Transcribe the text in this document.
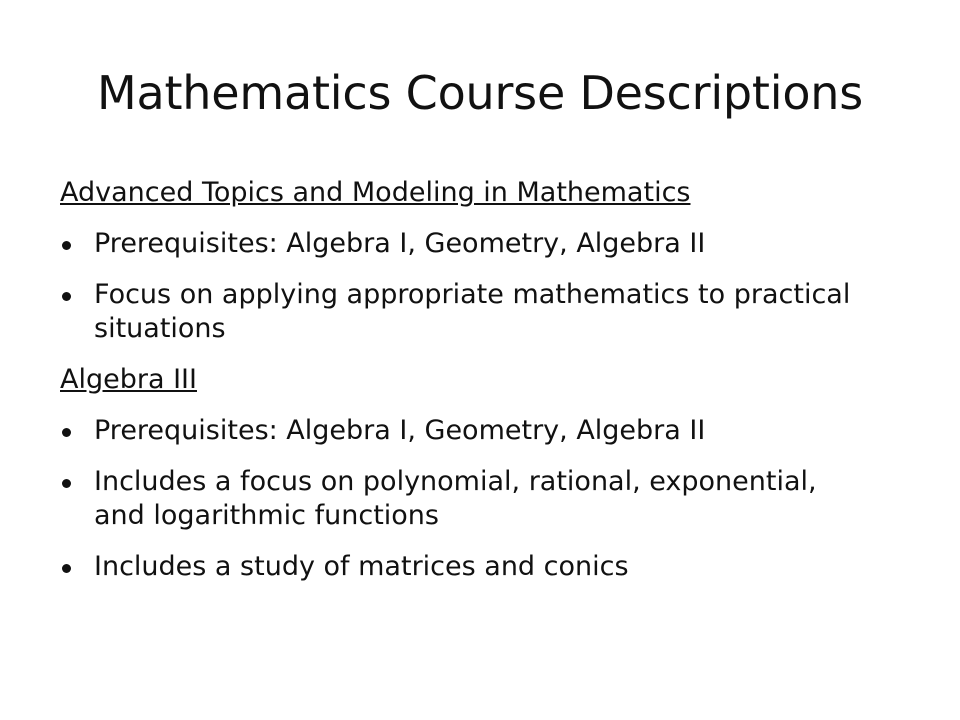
Mathematics Course Descriptions
Advanced Topics and Modeling in Mathematics
Prerequisites: Algebra I, Geometry, Algebra II
Focus on applying appropriate mathematics to practical situations
Algebra III
Prerequisites: Algebra I, Geometry, Algebra II
Includes a focus on polynomial, rational, exponential, and logarithmic functions
Includes a study of matrices and conics
